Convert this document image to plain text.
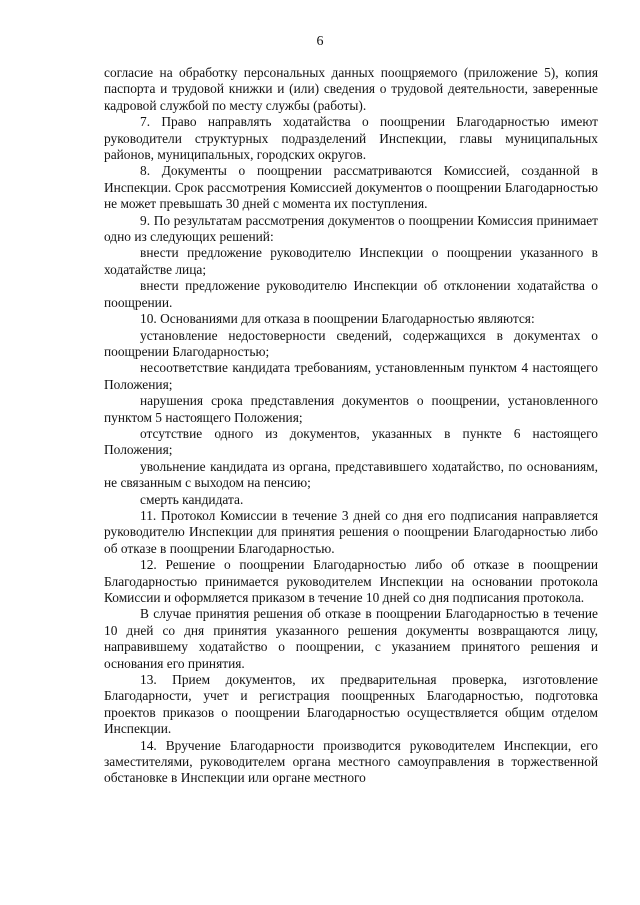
6

согласие на обработку персональных данных поощряемого (приложение 5), копия паспорта и трудовой книжки и (или) сведения о трудовой деятельности, заверенные кадровой службой по месту службы (работы).

7. Право направлять ходатайства о поощрении Благодарностью имеют руководители структурных подразделений Инспекции, главы муниципальных районов, муниципальных, городских округов.

8. Документы о поощрении рассматриваются Комиссией, созданной в Инспекции. Срок рассмотрения Комиссией документов о поощрении Благодарностью не может превышать 30 дней с момента их поступления.

9. По результатам рассмотрения документов о поощрении Комиссия принимает одно из следующих решений:

внести предложение руководителю Инспекции о поощрении указанного в ходатайстве лица;

внести предложение руководителю Инспекции об отклонении ходатайства о поощрении.

10. Основаниями для отказа в поощрении Благодарностью являются:

установление недостоверности сведений, содержащихся в документах о поощрении Благодарностью;

несоответствие кандидата требованиям, установленным пунктом 4 настоящего Положения;

нарушения срока представления документов о поощрении, установленного пунктом 5 настоящего Положения;

отсутствие одного из документов, указанных в пункте 6 настоящего Положения;

увольнение кандидата из органа, представившего ходатайство, по основаниям, не связанным с выходом на пенсию;

смерть кандидата.

11. Протокол Комиссии в течение 3 дней со дня его подписания направляется руководителю Инспекции для принятия решения о поощрении Благодарностью либо об отказе в поощрении Благодарностью.

12. Решение о поощрении Благодарностью либо об отказе в поощрении Благодарностью принимается руководителем Инспекции на основании протокола Комиссии и оформляется приказом в течение 10 дней со дня подписания протокола.

В случае принятия решения об отказе в поощрении Благодарностью в течение 10 дней со дня принятия указанного решения документы возвращаются лицу, направившему ходатайство о поощрении, с указанием принятого решения и основания его принятия.

13. Прием документов, их предварительная проверка, изготовление Благодарности, учет и регистрация поощренных Благодарностью, подготовка проектов приказов о поощрении Благодарностью осуществляется общим отделом Инспекции.

14. Вручение Благодарности производится руководителем Инспекции, его заместителями, руководителем органа местного самоуправления в торжественной обстановке в Инспекции или органе местного
